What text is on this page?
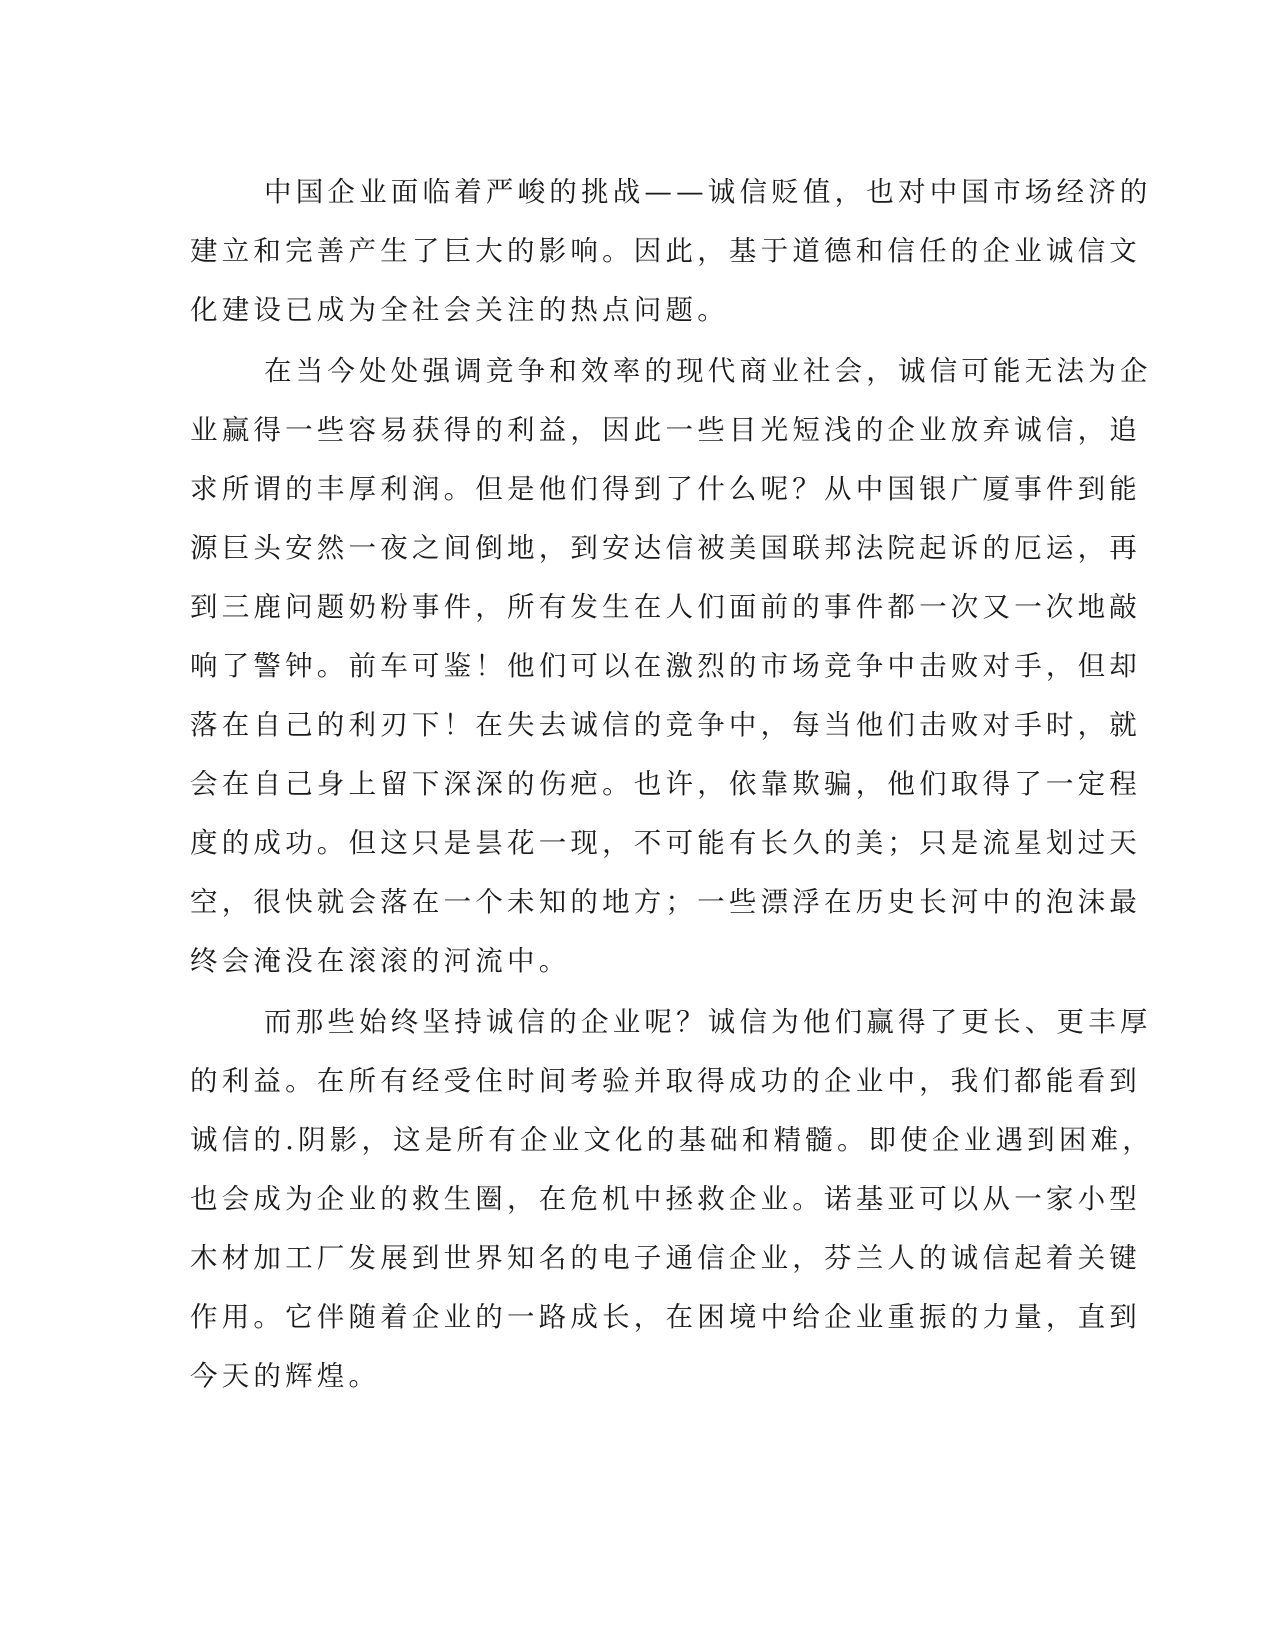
中国企业面临着严峻的挑战——诚信贬值，也对中国市场经济的
建立和完善产生了巨大的影响。因此，基于道德和信任的企业诚信文
化建设已成为全社会关注的热点问题。
在当今处处强调竞争和效率的现代商业社会，诚信可能无法为企
业赢得一些容易获得的利益，因此一些目光短浅的企业放弃诚信，追
求所谓的丰厚利润。但是他们得到了什么呢？从中国银广厦事件到能
源巨头安然一夜之间倒地，到安达信被美国联邦法院起诉的厄运，再
到三鹿问题奶粉事件，所有发生在人们面前的事件都一次又一次地敲
响了警钟。前车可鉴！他们可以在激烈的市场竞争中击败对手，但却
落在自己的利刃下！在失去诚信的竞争中，每当他们击败对手时，就
会在自己身上留下深深的伤疤。也许，依靠欺骗，他们取得了一定程
度的成功。但这只是昙花一现，不可能有长久的美；只是流星划过天
空，很快就会落在一个未知的地方；一些漂浮在历史长河中的泡沫最
终会淹没在滚滚的河流中。
而那些始终坚持诚信的企业呢？诚信为他们赢得了更长、更丰厚
的利益。在所有经受住时间考验并取得成功的企业中，我们都能看到
诚信的.阴影，这是所有企业文化的基础和精髓。即使企业遇到困难，
也会成为企业的救生圈，在危机中拯救企业。诺基亚可以从一家小型
木材加工厂发展到世界知名的电子通信企业，芬兰人的诚信起着关键
作用。它伴随着企业的一路成长，在困境中给企业重振的力量，直到
今天的辉煌。
